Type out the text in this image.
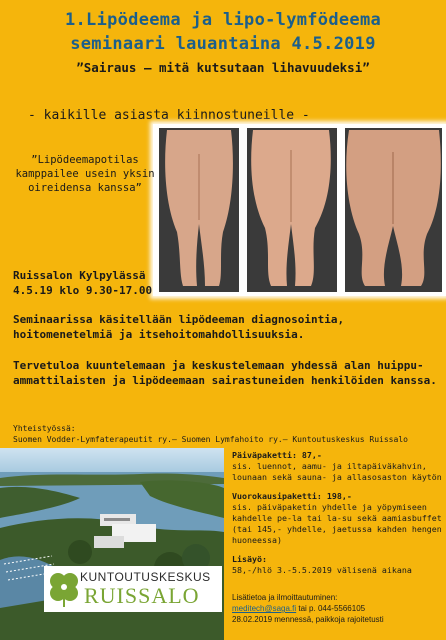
1.Lipödeema ja lipo-lymfödeema
seminaari lauantaina 4.5.2019
”Sairaus – mitä kutsutaan lihavuudeksi”
- kaikille asiasta kiinnostuneille -
”Lipödeemapotilas
kamppailee usein yksin
oireidensa kanssa”
Ruissalon Kylpylässä
4.5.19 klo 9.30-17.00
Seminaarissa käsitellään lipödeeman diagnosointia, hoitomenetelmiä ja itsehoitomahdollisuuksia.
Tervetuloa kuuntelemaan ja keskustelemaan yhdessä alan huippu-ammattilaisten ja lipödeemaan sairastuneiden henkilöiden kanssa.
Yhteistyössä:
Suomen Vodder-Lymfaterapeutit ry.– Suomen Lymfahoito ry.– Kuntoutuskeskus Ruissalo
KUNTOUTUSKESKUS
RUISSALO
Päiväpaketti: 87,-
sis. luennot, aamu- ja iltapäiväkahvin,
lounaan sekä sauna- ja allasosaston käytön
Vuorokausipaketti: 198,-
sis. päiväpaketin yhdelle ja yöpymiseen
kahdelle pe-la tai la-su sekä aamiasbuffet
(tai 145,- yhdelle, jaetussa kahden hengen
huoneessa)
Lisäyö:
58,-/hlö 3.-5.5.2019 välisenä aikana
Lisätietoa ja ilmoittautuminen:
meditech@saga.fi tai p. 044-5566105
28.02.2019 mennessä, paikkoja rajoitetusti
